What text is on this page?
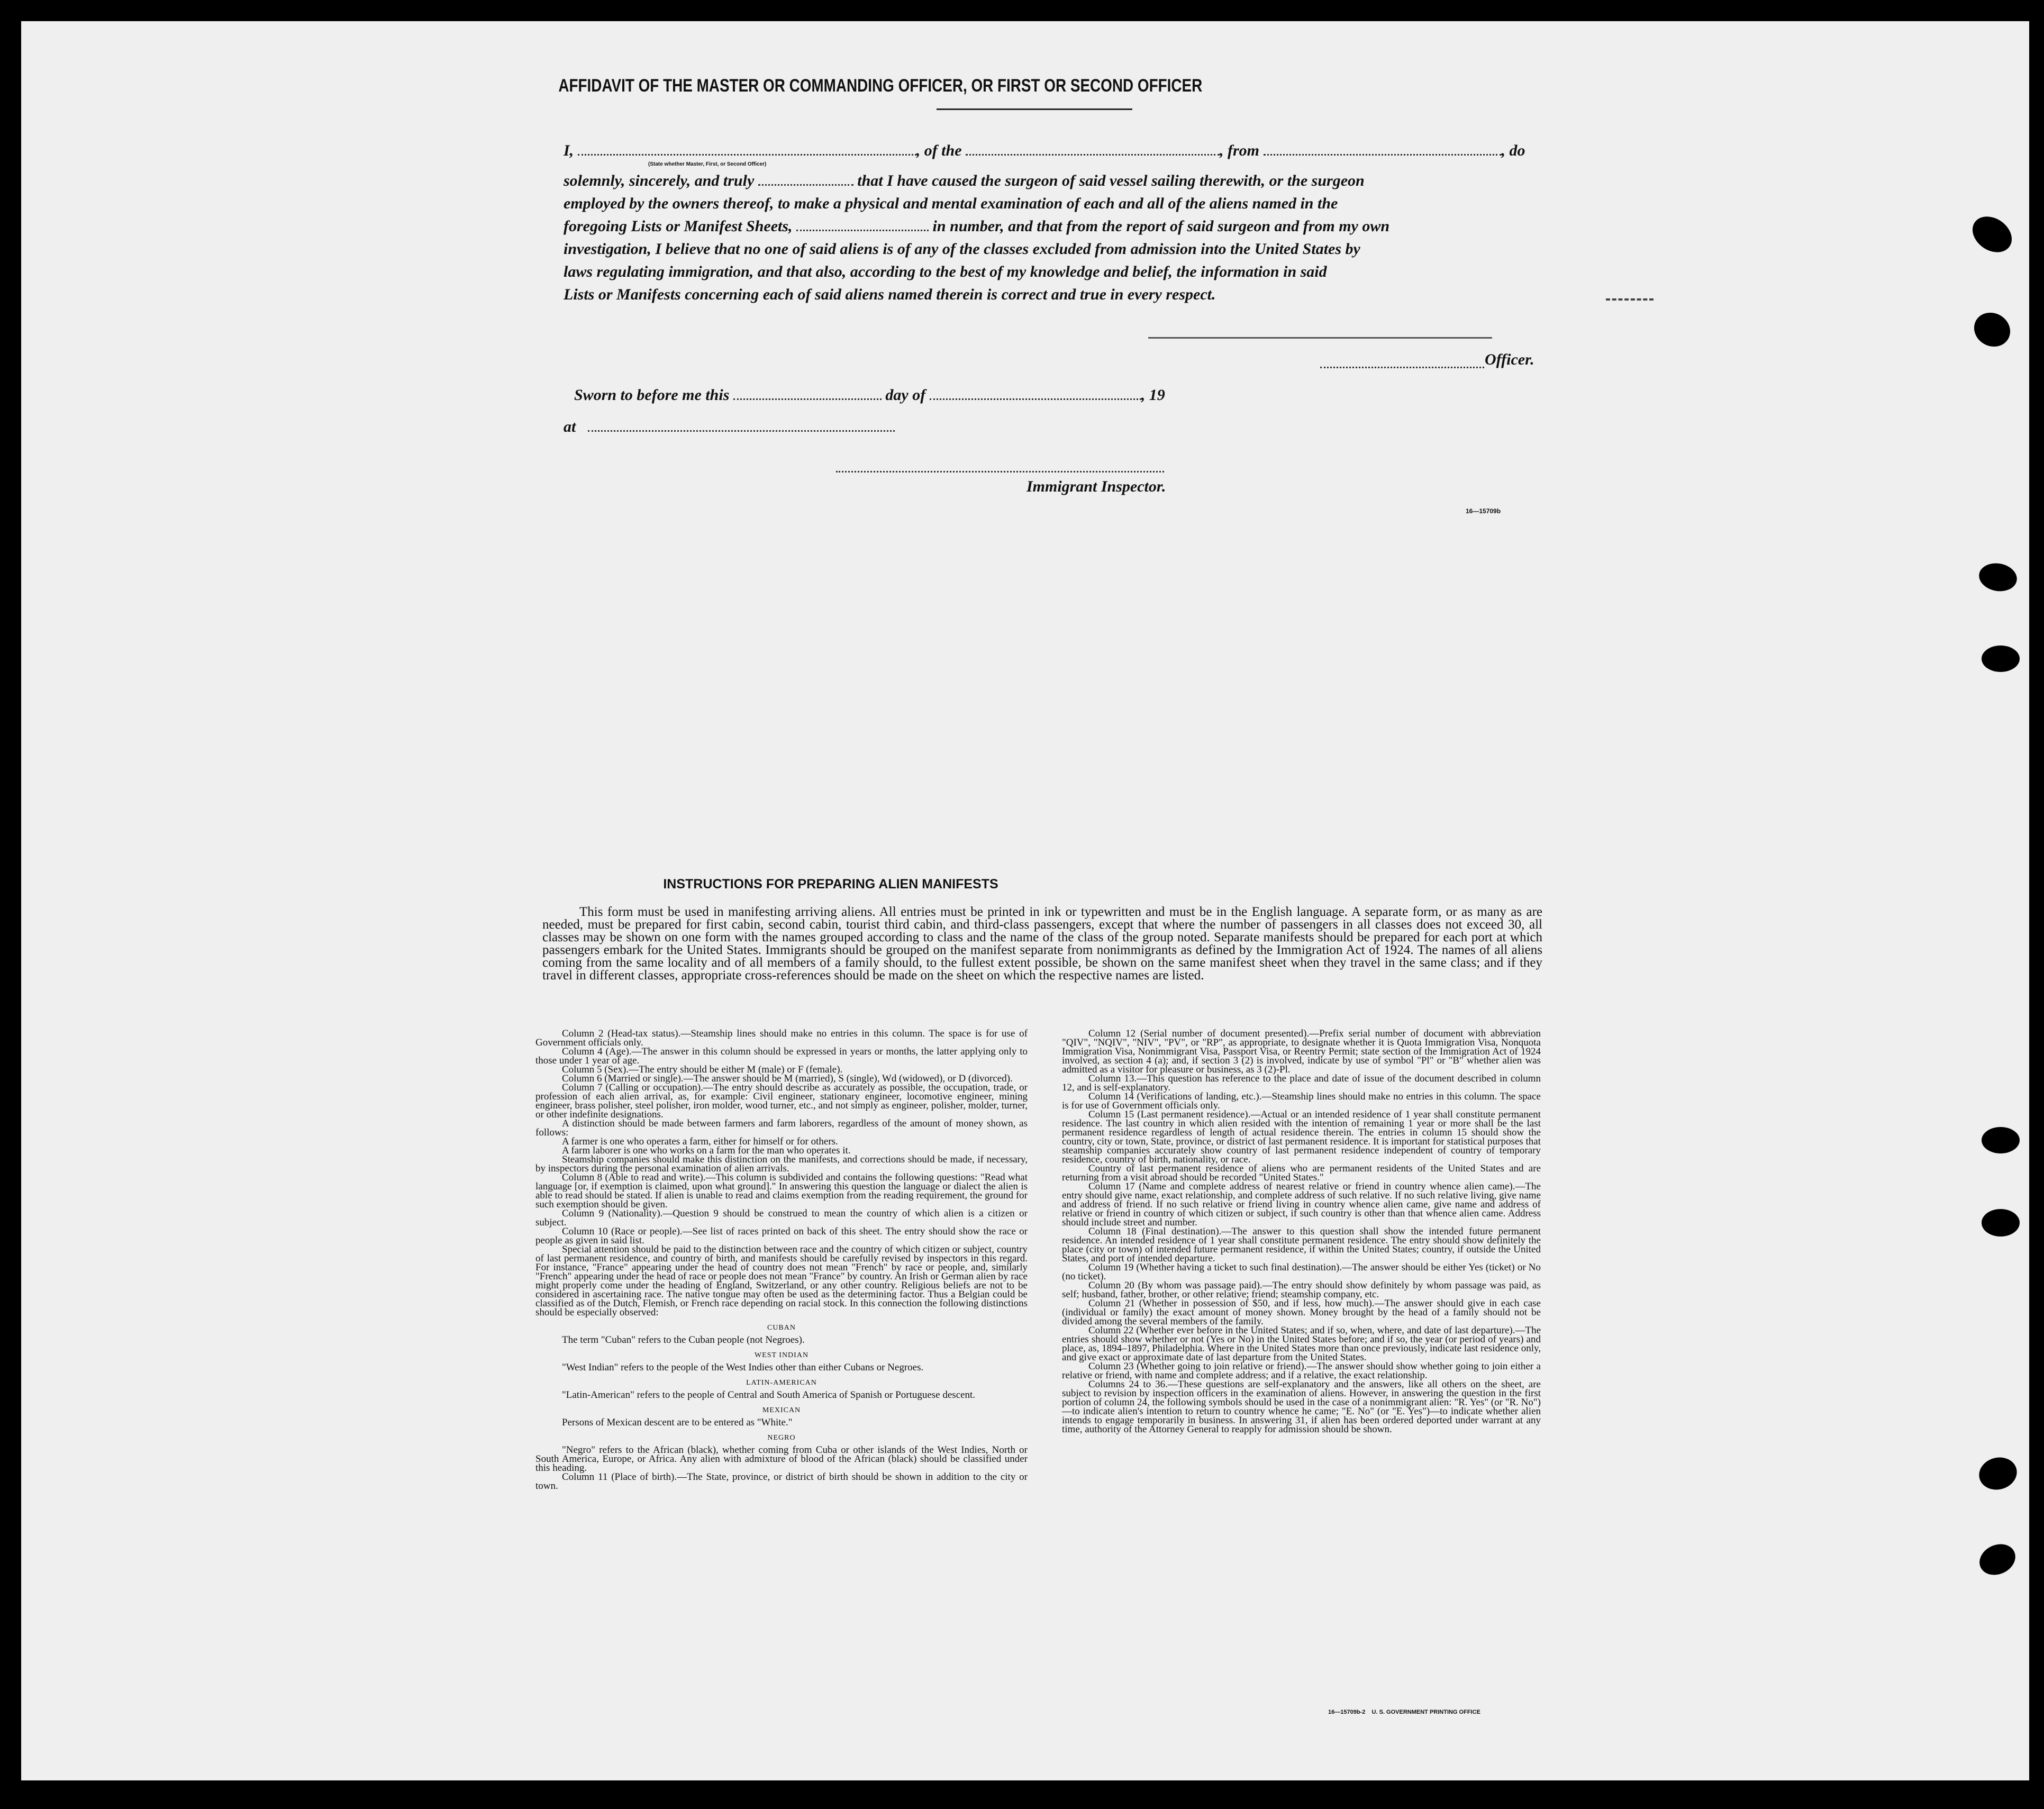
AFFIDAVIT OF THE MASTER OR COMMANDING OFFICER, OR FIRST OR SECOND OFFICER
I,	, of the	, from	, do
(State whether Master, First, or Second Officer)
solemnly, sincerely, and truly	that I have caused the surgeon of said vessel sailing therewith, or the surgeon
employed by the owners thereof, to make a physical and mental examination of each and all of the aliens named in the
foregoing Lists or Manifest Sheets,	in number, and that from the report of said surgeon and from my own
investigation, I believe that no one of said aliens is of any of the classes excluded from admission into the United States by
laws regulating immigration, and that also, according to the best of my knowledge and belief, the information in said
Lists or Manifests concerning each of said aliens named therein is correct and true in every respect.
Officer.
Sworn to before me this	day of	, 19
at
Immigrant Inspector.
16—15709b
INSTRUCTIONS FOR PREPARING ALIEN MANIFESTS
This form must be used in manifesting arriving aliens. All entries must be printed in ink or typewritten and must be in the English language. A separate form, or as many as are needed, must be prepared for first cabin, second cabin, tourist third cabin, and third-class passengers, except that where the number of passengers in all classes does not exceed 30, all classes may be shown on one form with the names grouped according to class and the name of the class of the group noted. Separate manifests should be prepared for each port at which passengers embark for the United States. Immigrants should be grouped on the manifest separate from nonimmigrants as defined by the Immigration Act of 1924. The names of all aliens coming from the same locality and of all members of a family should, to the fullest extent possible, be shown on the same manifest sheet when they travel in the same class; and if they travel in different classes, appropriate cross-references should be made on the sheet on which the respective names are listed.

Column 2 (Head-tax status).—Steamship lines should make no entries in this column. The space is for use of Government officials only.

Column 4 (Age).—The answer in this column should be expressed in years or months, the latter applying only to those under 1 year of age.

Column 5 (Sex).—The entry should be either M (male) or F (female).

Column 6 (Married or single).—The answer should be M (married), S (single), Wd (widowed), or D (divorced).

Column 7 (Calling or occupation).—The entry should describe as accurately as possible, the occupation, trade, or profession of each alien arrival, as, for example: Civil engineer, stationary engineer, locomotive engineer, mining engineer, brass polisher, steel polisher, iron molder, wood turner, etc., and not simply as engineer, polisher, molder, turner, or other indefinite designations.

A distinction should be made between farmers and farm laborers, regardless of the amount of money shown, as follows:

A farmer is one who operates a farm, either for himself or for others.

A farm laborer is one who works on a farm for the man who operates it.

Steamship companies should make this distinction on the manifests, and corrections should be made, if necessary, by inspectors during the personal examination of alien arrivals.

Column 8 (Able to read and write).—This column is subdivided and contains the following questions: "Read what language [or, if exemption is claimed, upon what ground]." In answering this question the language or dialect the alien is able to read should be stated. If alien is unable to read and claims exemption from the reading requirement, the ground for such exemption should be given.

Column 9 (Nationality).—Question 9 should be construed to mean the country of which alien is a citizen or subject.

Column 10 (Race or people).—See list of races printed on back of this sheet. The entry should show the race or people as given in said list.

Special attention should be paid to the distinction between race and the country of which citizen or subject, country of last permanent residence, and country of birth, and manifests should be carefully revised by inspectors in this regard. For instance, "France" appearing under the head of country does not mean "French" by race or people, and, similarly "French" appearing under the head of race or people does not mean "France" by country. An Irish or German alien by race might properly come under the heading of England, Switzerland, or any other country. Religious beliefs are not to be considered in ascertaining race. The native tongue may often be used as the determining factor. Thus a Belgian could be classified as of the Dutch, Flemish, or French race depending on racial stock. In this connection the following distinctions should be especially observed:

CUBAN

The term "Cuban" refers to the Cuban people (not Negroes).

WEST INDIAN

"West Indian" refers to the people of the West Indies other than either Cubans or Negroes.

LATIN-AMERICAN

"Latin-American" refers to the people of Central and South America of Spanish or Portuguese descent.

MEXICAN

Persons of Mexican descent are to be entered as "White."

NEGRO

"Negro" refers to the African (black), whether coming from Cuba or other islands of the West Indies, North or South America, Europe, or Africa. Any alien with admixture of blood of the African (black) should be classified under this heading.

Column 11 (Place of birth).—The State, province, or district of birth should be shown in addition to the city or town.

Column 12 (Serial number of document presented).—Prefix serial number of document with abbreviation "QIV", "NQIV", "NIV", "PV", or "RP", as appropriate, to designate whether it is Quota Immigration Visa, Nonquota Immigration Visa, Nonimmigrant Visa, Passport Visa, or Reentry Permit; state section of the Immigration Act of 1924 involved, as section 4 (a); and, if section 3 (2) is involved, indicate by use of symbol "Pl" or "B" whether alien was admitted as a visitor for pleasure or business, as 3 (2)-Pl.

Column 13.—This question has reference to the place and date of issue of the document described in column 12, and is self-explanatory.

Column 14 (Verifications of landing, etc.).—Steamship lines should make no entries in this column. The space is for use of Government officials only.

Column 15 (Last permanent residence).—Actual or an intended residence of 1 year shall constitute permanent residence. The last country in which alien resided with the intention of remaining 1 year or more shall be the last permanent residence regardless of length of actual residence therein. The entries in column 15 should show the country, city or town, State, province, or district of last permanent residence. It is important for statistical purposes that steamship companies accurately show country of last permanent residence independent of country of temporary residence, country of birth, nationality, or race.

Country of last permanent residence of aliens who are permanent residents of the United States and are returning from a visit abroad should be recorded "United States."

Column 17 (Name and complete address of nearest relative or friend in country whence alien came).—The entry should give name, exact relationship, and complete address of such relative. If no such relative living, give name and address of friend. If no such relative or friend living in country whence alien came, give name and address of relative or friend in country of which citizen or subject, if such country is other than that whence alien came. Address should include street and number.

Column 18 (Final destination).—The answer to this question shall show the intended future permanent residence. An intended residence of 1 year shall constitute permanent residence. The entry should show definitely the place (city or town) of intended future permanent residence, if within the United States; country, if outside the United States, and port of intended departure.

Column 19 (Whether having a ticket to such final destination).—The answer should be either Yes (ticket) or No (no ticket).

Column 20 (By whom was passage paid).—The entry should show definitely by whom passage was paid, as self; husband, father, brother, or other relative; friend; steamship company, etc.

Column 21 (Whether in possession of $50, and if less, how much).—The answer should give in each case (individual or family) the exact amount of money shown. Money brought by the head of a family should not be divided among the several members of the family.

Column 22 (Whether ever before in the United States; and if so, when, where, and date of last departure).—The entries should show whether or not (Yes or No) in the United States before; and if so, the year (or period of years) and place, as, 1894–1897, Philadelphia. Where in the United States more than once previously, indicate last residence only, and give exact or approximate date of last departure from the United States.

Column 23 (Whether going to join relative or friend).—The answer should show whether going to join either a relative or friend, with name and complete address; and if a relative, the exact relationship.

Columns 24 to 36.—These questions are self-explanatory and the answers, like all others on the sheet, are subject to revision by inspection officers in the examination of aliens. However, in answering the question in the first portion of column 24, the following symbols should be used in the case of a nonimmigrant alien: "R. Yes" (or "R. No")—to indicate alien's intention to return to country whence he came; "E. No" (or "E. Yes")—to indicate whether alien intends to engage temporarily in business. In answering 31, if alien has been ordered deported under warrant at any time, authority of the Attorney General to reapply for admission should be shown.

16—15709b-2    U. S. GOVERNMENT PRINTING OFFICE
